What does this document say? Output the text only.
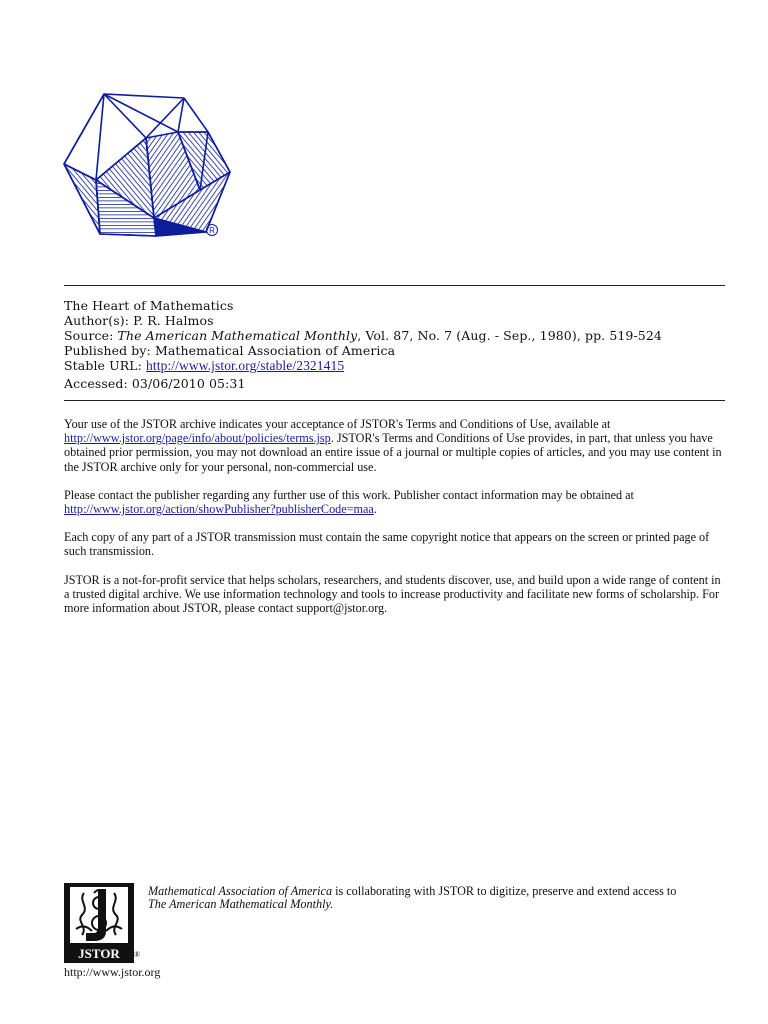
R
The Heart of Mathematics
Author(s): P. R. Halmos
Source: The American Mathematical Monthly, Vol. 87, No. 7 (Aug. - Sep., 1980), pp. 519-524
Published by: Mathematical Association of America
Stable URL: http://www.jstor.org/stable/2321415
Accessed: 03/06/2010 05:31

Your use of the JSTOR archive indicates your acceptance of JSTOR's Terms and Conditions of Use, available at http://www.jstor.org/page/info/about/policies/terms.jsp. JSTOR's Terms and Conditions of Use provides, in part, that unless you have obtained prior permission, you may not download an entire issue of a journal or multiple copies of articles, and you may use content in the JSTOR archive only for your personal, non-commercial use.

Please contact the publisher regarding any further use of this work. Publisher contact information may be obtained at http://www.jstor.org/action/showPublisher?publisherCode=maa.

Each copy of any part of a JSTOR transmission must contain the same copyright notice that appears on the screen or printed page of such transmission.

JSTOR is a not-for-profit service that helps scholars, researchers, and students discover, use, and build upon a wide range of content in a trusted digital archive. We use information technology and tools to increase productivity and facilitate new forms of scholarship. For more information about JSTOR, please contact support@jstor.org.

JSTOR ®
http://www.jstor.org
Mathematical Association of America is collaborating with JSTOR to digitize, preserve and extend access to
The American Mathematical Monthly.
